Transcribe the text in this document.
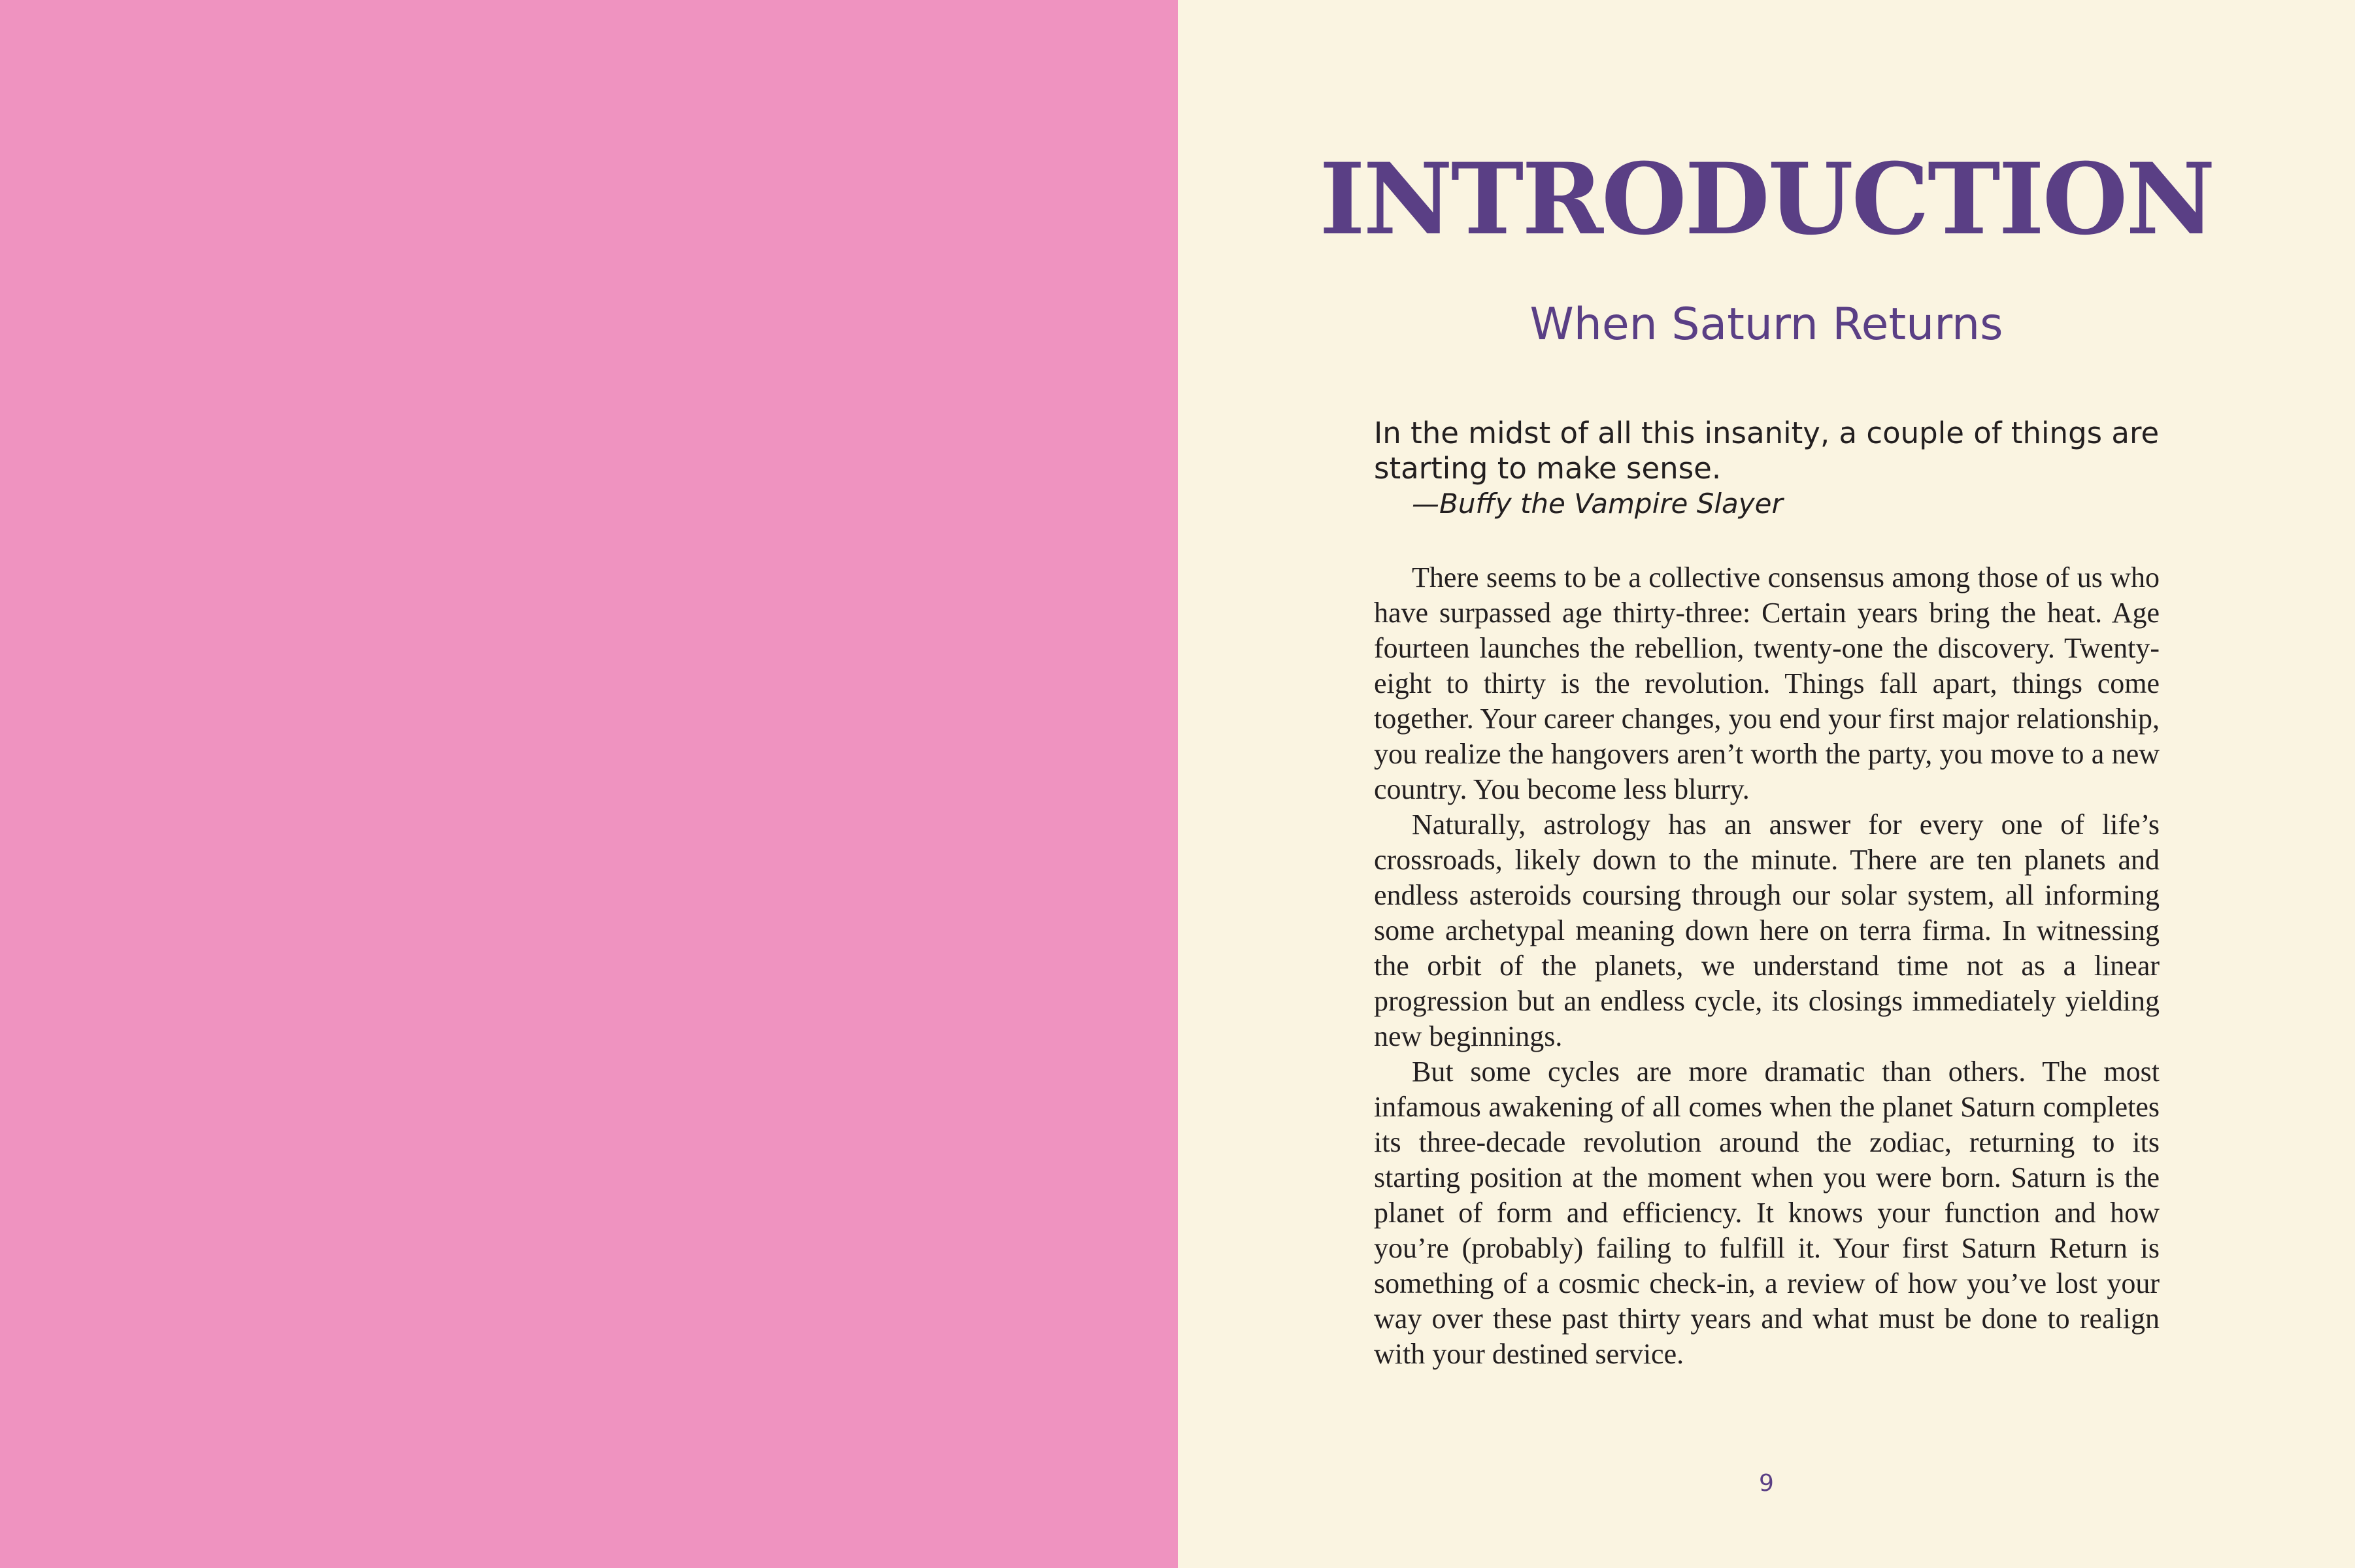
INTRODUCTION
When Saturn Returns
In the midst of all this insanity, a couple of things are starting to make sense.
—Buffy the Vampire Slayer

There seems to be a collective consensus among those of us who have surpassed age thirty-three: Certain years bring the heat. Age fourteen launches the rebellion, twenty-one the discovery. Twenty-eight to thirty is the revolution. Things fall apart, things come together. Your career changes, you end your first major relationship, you realize the hangovers aren’t worth the party, you move to a new country. You become less blurry.

Naturally, astrology has an answer for every one of life’s crossroads, likely down to the minute. There are ten planets and endless asteroids coursing through our solar system, all informing some archetypal meaning down here on terra firma. In witnessing the orbit of the planets, we understand time not as a linear progression but an endless cycle, its closings immediately yielding new beginnings.

But some cycles are more dramatic than others. The most infamous awakening of all comes when the planet Saturn completes its three-decade revolution around the zodiac, returning to its starting position at the moment when you were born. Saturn is the planet of form and efficiency. It knows your function and how you’re (probably) failing to fulfill it. Your first Saturn Return is something of a cosmic check-in, a review of how you’ve lost your way over these past thirty years and what must be done to realign with your destined service.

9
